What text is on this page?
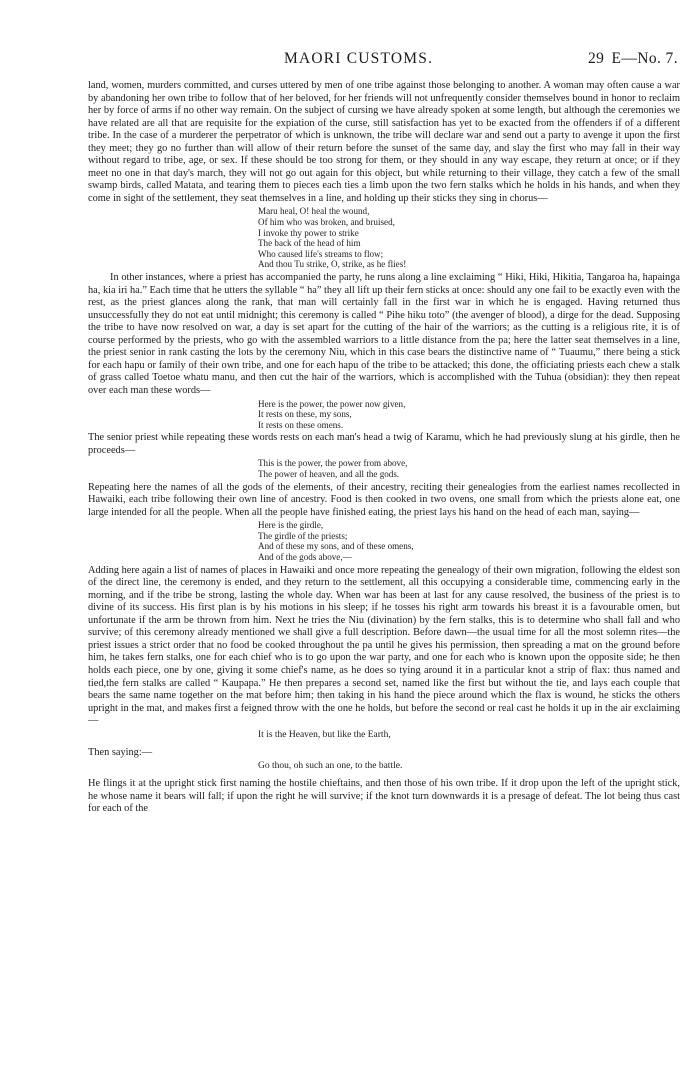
MAORI CUSTOMS.	29 E—No. 7.

land, women, murders committed, and curses uttered by men of one tribe against those belonging to another. A woman may often cause a war by abandoning her own tribe to follow that of her beloved, for her friends will not unfrequently consider themselves bound in honor to reclaim her by force of arms if no other way remain. On the subject of cursing we have already spoken at some length, but although the ceremonies we have related are all that are requisite for the expiation of the curse, still satisfaction has yet to be exacted from the offenders if of a different tribe. In the case of a murderer the perpetrator of which is unknown, the tribe will declare war and send out a party to avenge it upon the first they meet; they go no further than will allow of their return before the sunset of the same day, and slay the first who may fall in their way without regard to tribe, age, or sex. If these should be too strong for them, or they should in any way escape, they return at once; or if they meet no one in that day's march, they will not go out again for this object, but while returning to their village, they catch a few of the small swamp birds, called Matata, and tearing them to pieces each ties a limb upon the two fern stalks which he holds in his hands, and when they come in sight of the settlement, they seat themselves in a line, and holding up their sticks they sing in chorus—

Maru heal, O! heal the wound,
Of him who was broken, and bruised,
I invoke thy power to strike
The back of the head of him
Who caused life's streams to flow;
And thou Tu strike, O, strike, as he flies!

In other instances, where a priest has accompanied the party, he runs along a line exclaiming “ Hiki, Hiki, Hikitia, Tangaroa ha, hapainga ha, kia iri ha.” Each time that he utters the syllable “ ha” they all lift up their fern sticks at once: should any one fail to be exactly even with the rest, as the priest glances along the rank, that man will certainly fall in the first war in which he is engaged. Having returned thus unsuccessfully they do not eat until midnight; this ceremony is called “ Pihe hiku toto” (the avenger of blood), a dirge for the dead. Supposing the tribe to have now resolved on war, a day is set apart for the cutting of the hair of the warriors; as the cutting is a religious rite, it is of course performed by the priests, who go with the assembled warriors to a little distance from the pa; here the latter seat themselves in a line, the priest senior in rank casting the lots by the ceremony Niu, which in this case bears the distinctive name of “ Tuaumu,” there being a stick for each hapu or family of their own tribe, and one for each hapu of the tribe to be attacked; this done, the officiating priests each chew a stalk of grass called Toetoe whatu manu, and then cut the hair of the warriors, which is accomplished with the Tuhua (obsidian): they then repeat over each man these words—

Here is the power, the power now given,
It rests on these, my sons,
It rests on these omens.

The senior priest while repeating these words rests on each man's head a twig of Karamu, which he had previously slung at his girdle, then he proceeds—

This is the power, the power from above,
The power of heaven, and all the gods.

Repeating here the names of all the gods of the elements, of their ancestry, reciting their genealogies from the earliest names recollected in Hawaiki, each tribe following their own line of ancestry. Food is then cooked in two ovens, one small from which the priests alone eat, one large intended for all the people. When all the people have finished eating, the priest lays his hand on the head of each man, saying—

Here is the girdle,
The girdle of the priests;
And of these my sons, and of these omens,
And of the gods above,—

Adding here again a list of names of places in Hawaiki and once more repeating the genealogy of their own migration, following the eldest son of the direct line, the ceremony is ended, and they return to the settlement, all this occupying a considerable time, commencing early in the morning, and if the tribe be strong, lasting the whole day. When war has been at last for any cause resolved, the business of the priest is to divine of its success. His first plan is by his motions in his sleep; if he tosses his right arm towards his breast it is a favourable omen, but unfortunate if the arm be thrown from him. Next he tries the Niu (divination) by the fern stalks, this is to determine who shall fall and who survive; of this ceremony already mentioned we shall give a full description. Before dawn—the usual time for all the most solemn rites—the priest issues a strict order that no food be cooked throughout the pa until he gives his permission, then spreading a mat on the ground before him, he takes fern stalks, one for each chief who is to go upon the war party, and one for each who is known upon the opposite side; he then holds each piece, one by one, giving it some chief's name, as he does so tying around it in a particular knot a strip of flax: thus named and tied,the fern stalks are called “ Kaupapa.” He then prepares a second set, named like the first but without the tie, and lays each couple that bears the same name together on the mat before him; then taking in his hand the piece around which the flax is wound, he sticks the others upright in the mat, and makes first a feigned throw with the one he holds, but before the second or real cast he holds it up in the air exclaiming—

It is the Heaven, but like the Earth,

Then saying:—

Go thou, oh such an one, to the battle.

He flings it at the upright stick first naming the hostile chieftains, and then those of his own tribe. If it drop upon the left of the upright stick, he whose name it bears will fall; if upon the right he will survive; if the knot turn downwards it is a presage of defeat. The lot being thus cast for each of the
